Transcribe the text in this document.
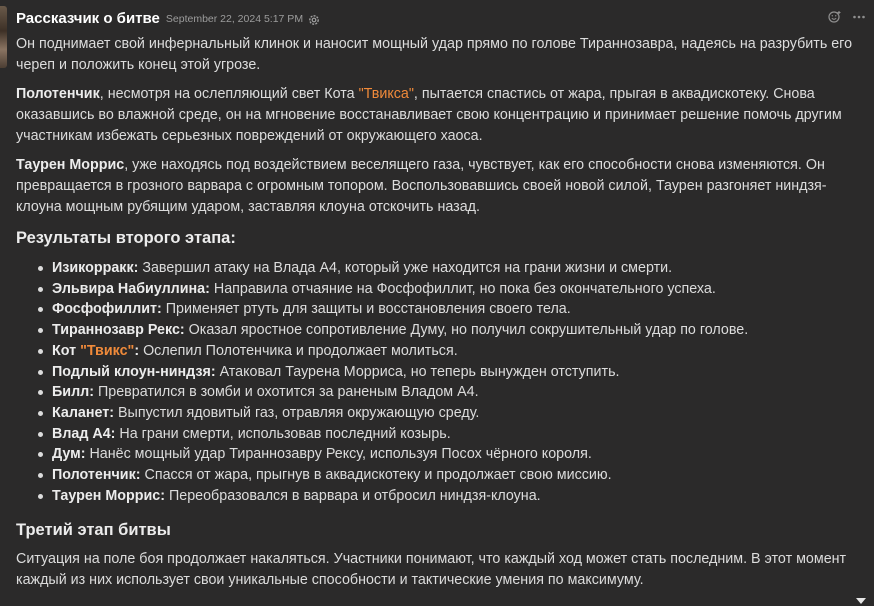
Рассказчик о битве September 22, 2024 5:17 PM

Он поднимает свой инфернальный клинок и наносит мощный удар прямо по голове Тираннозавра, надеясь на разрубить его череп и положить конец этой угрозе.

Полотенчик, несмотря на ослепляющий свет Кота "Твикса", пытается спастись от жара, прыгая в аквадискотеку. Снова оказавшись во влажной среде, он на мгновение восстанавливает свою концентрацию и принимает решение помочь другим участникам избежать серьезных повреждений от окружающего хаоса.

Таурен Моррис, уже находясь под воздействием веселящего газа, чувствует, как его способности снова изменяются. Он превращается в грозного варвара с огромным топором. Воспользовавшись своей новой силой, Таурен разгоняет ниндзя-клоуна мощным рубящим ударом, заставляя клоуна отскочить назад.

Результаты второго этапа:
Изикорракк: Завершил атаку на Влада А4, который уже находится на грани жизни и смерти.
Эльвира Набиуллина: Направила отчаяние на Фосфофиллит, но пока без окончательного успеха.
Фосфофиллит: Применяет ртуть для защиты и восстановления своего тела.
Тираннозавр Рекс: Оказал яростное сопротивление Думу, но получил сокрушительный удар по голове.
Кот "Твикс": Ослепил Полотенчика и продолжает молиться.
Подлый клоун-ниндзя: Атаковал Таурена Морриса, но теперь вынужден отступить.
Билл: Превратился в зомби и охотится за раненым Владом А4.
Каланет: Выпустил ядовитый газ, отравляя окружающую среду.
Влад А4: На грани смерти, использовав последний козырь.
Дум: Нанёс мощный удар Тираннозавру Рексу, используя Посох чёрного короля.
Полотенчик: Спасся от жара, прыгнув в аквадискотеку и продолжает свою миссию.
Таурен Моррис: Переобразовался в варвара и отбросил ниндзя-клоуна.
Третий этап битвы

Ситуация на поле боя продолжает накаляться. Участники понимают, что каждый ход может стать последним. В этот момент каждый из них использует свои уникальные способности и тактические умения по максимуму.
